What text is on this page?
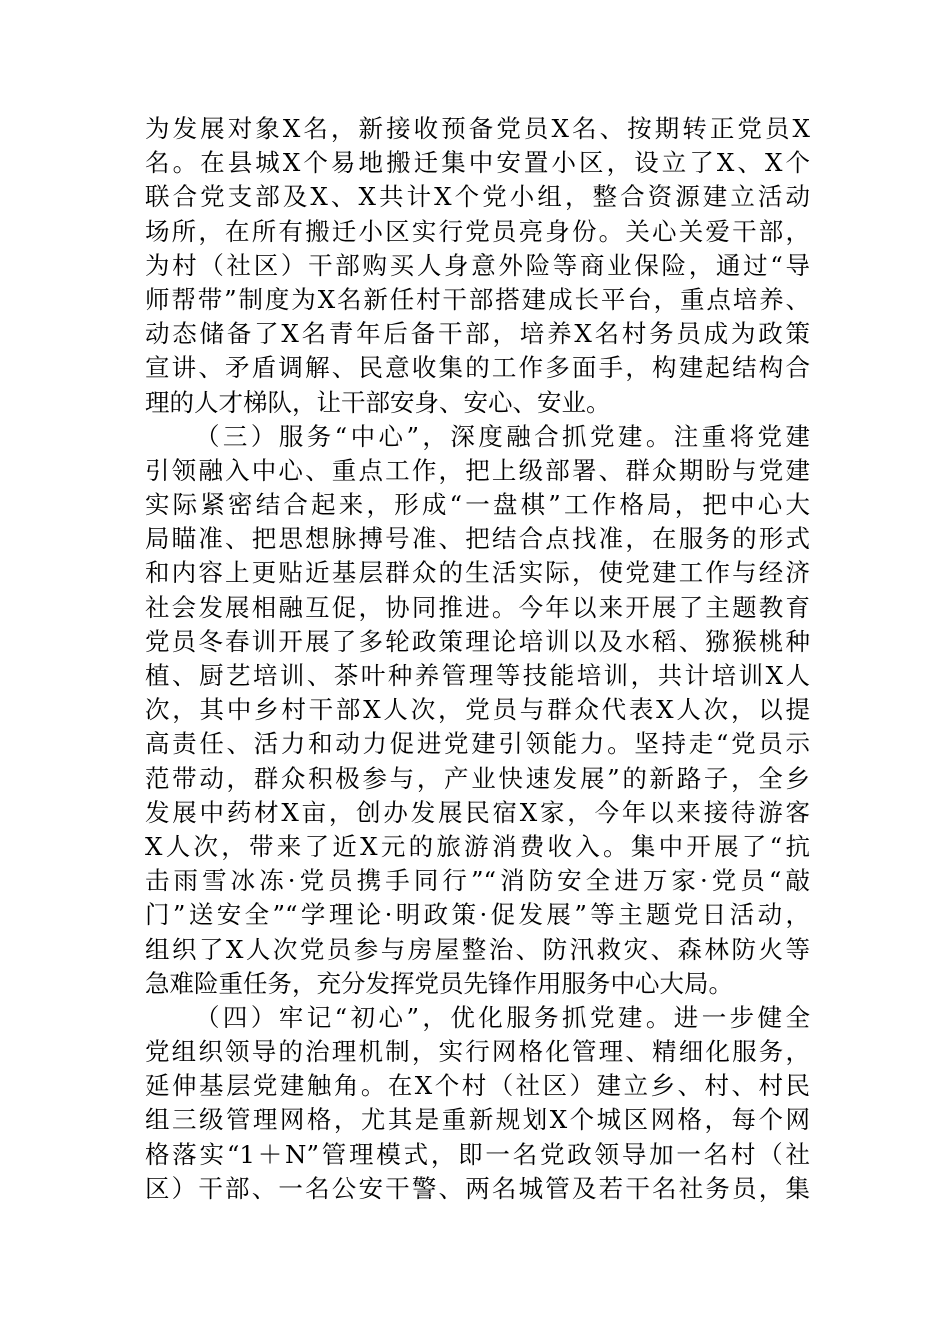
为发展对象X名，新接收预备党员X名、按期转正党员X
名。在县城X个易地搬迁集中安置小区，设立了X、X个
联合党支部及X、X共计X个党小组，整合资源建立活动
场所，在所有搬迁小区实行党员亮身份。关心关爱干部，
为村（社区）干部购买人身意外险等商业保险，通过“导
师帮带”制度为X名新任村干部搭建成长平台，重点培养、
动态储备了X名青年后备干部，培养X名村务员成为政策
宣讲、矛盾调解、民意收集的工作多面手，构建起结构合
理的人才梯队，让干部安身、安心、安业。
（三）服务“中心”，深度融合抓党建。注重将党建
引领融入中心、重点工作，把上级部署、群众期盼与党建
实际紧密结合起来，形成“一盘棋”工作格局，把中心大
局瞄准、把思想脉搏号准、把结合点找准，在服务的形式
和内容上更贴近基层群众的生活实际，使党建工作与经济
社会发展相融互促，协同推进。今年以来开展了主题教育
党员冬春训开展了多轮政策理论培训以及水稻、猕猴桃种
植、厨艺培训、茶叶种养管理等技能培训，共计培训X人
次，其中乡村干部X人次，党员与群众代表X人次，以提
高责任、活力和动力促进党建引领能力。坚持走“党员示
范带动，群众积极参与，产业快速发展”的新路子，全乡
发展中药材X亩，创办发展民宿X家，今年以来接待游客
X人次，带来了近X元的旅游消费收入。集中开展了“抗
击雨雪冰冻·党员携手同行”“消防安全进万家·党员“敲
门”送安全”“学理论·明政策·促发展”等主题党日活动，
组织了X人次党员参与房屋整治、防汛救灾、森林防火等
急难险重任务，充分发挥党员先锋作用服务中心大局。
（四）牢记“初心”，优化服务抓党建。进一步健全
党组织领导的治理机制，实行网格化管理、精细化服务，
延伸基层党建触角。在X个村（社区）建立乡、村、村民
组三级管理网格，尤其是重新规划X个城区网格，每个网
格落实“1＋N”管理模式，即一名党政领导加一名村（社
区）干部、一名公安干警、两名城管及若干名社务员，集
